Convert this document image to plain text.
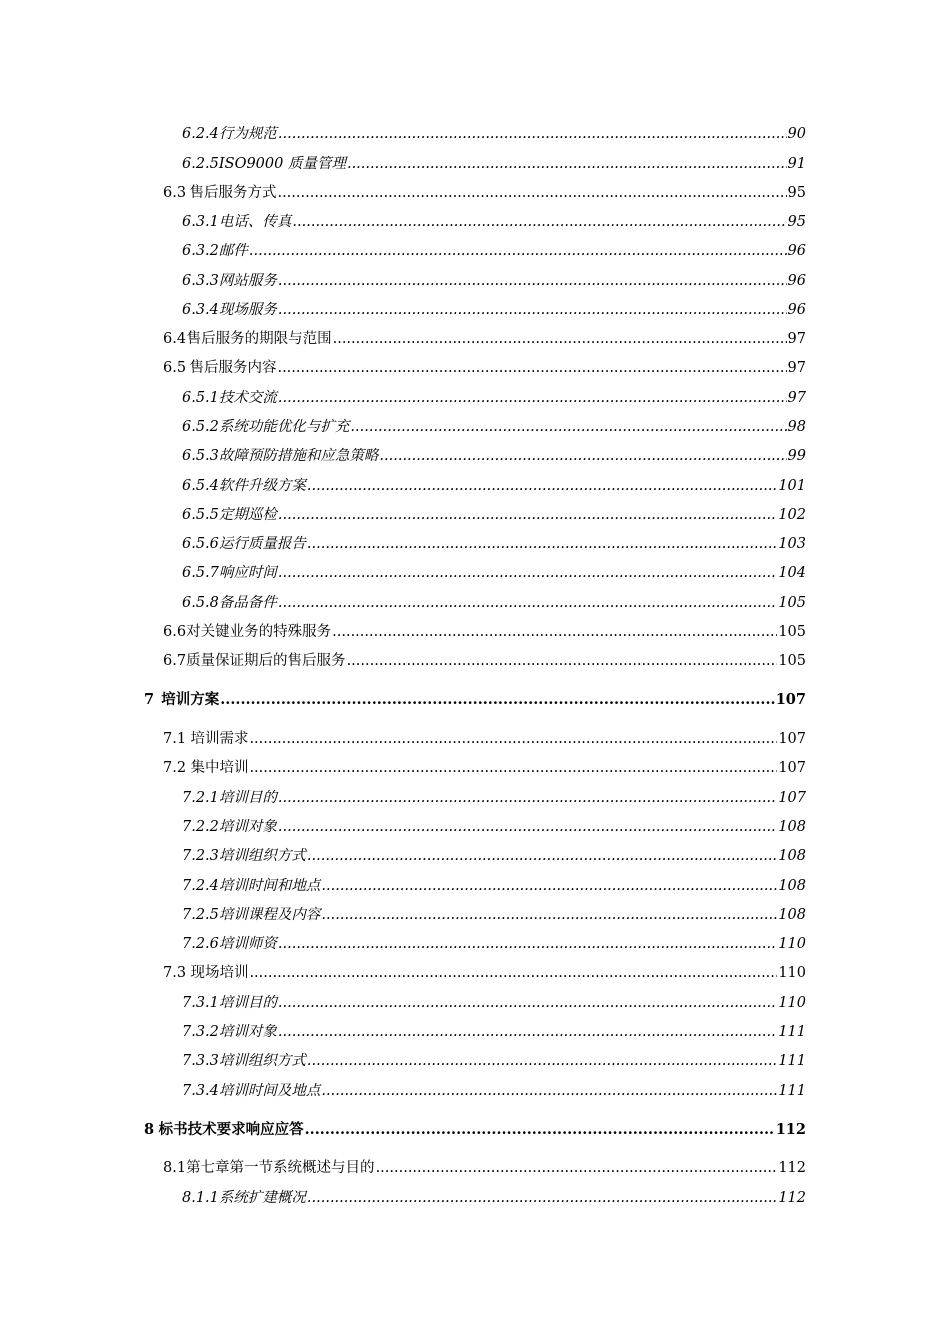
6.2.4 行为规范 .....	90
6.2.5 ISO9000 质量管理 .....	91
6.3 售后服务方式 .....	95
6.3.1 电话、传真 .....	95
6.3.2 邮件 .....	96
6.3.3 网站服务 .....	96
6.3.4 现场服务 .....	96
6.4 售后服务的期限与范围 .....	97
6.5 售后服务内容 .....	97
6.5.1 技术交流 .....	97
6.5.2 系统功能优化与扩充 .....	98
6.5.3 故障预防措施和应急策略 .....	99
6.5.4 软件升级方案 .....	101
6.5.5 定期巡检 .....	102
6.5.6 运行质量报告 .....	103
6.5.7 响应时间 .....	104
6.5.8 备品备件 .....	105
6.6 对关键业务的特殊服务 .....	105
6.7 质量保证期后的售后服务 .....	105
7 培训方案 .....	107
7.1 培训需求 .....	107
7.2 集中培训 .....	107
7.2.1 培训目的 .....	107
7.2.2 培训对象 .....	108
7.2.3 培训组织方式 .....	108
7.2.4 培训时间和地点 .....	108
7.2.5 培训课程及内容 .....	108
7.2.6 培训师资 .....	110
7.3 现场培训 .....	110
7.3.1 培训目的 .....	110
7.3.2 培训对象 .....	111
7.3.3 培训组织方式 .....	111
7.3.4 培训时间及地点 .....	111
8 标书技术要求响应应答 .....	112
8.1 第七章第一节系统概述与目的 .....	112
8.1.1 系统扩建概况 .....	112
